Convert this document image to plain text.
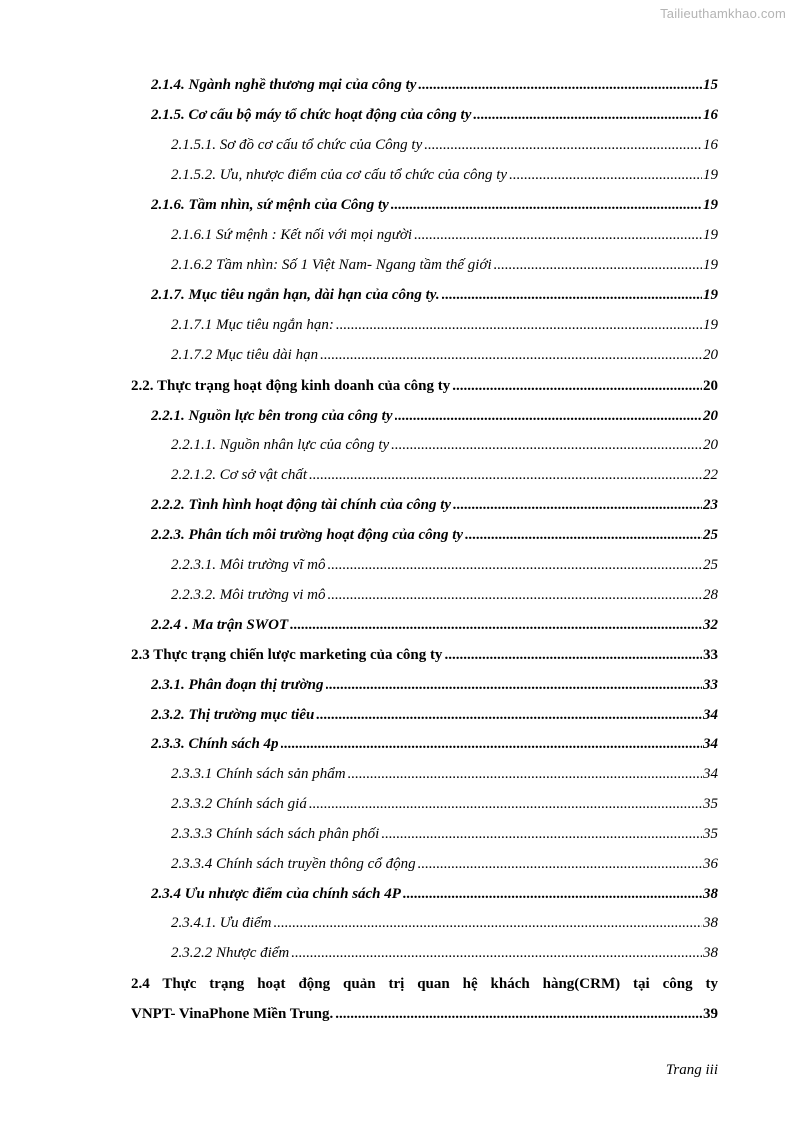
Tailieuthamkhao.com
2.1.4. Ngành nghề thương mại của công ty .....	15
2.1.5. Cơ cấu bộ máy tổ chức hoạt động của công ty .....	16
2.1.5.1. Sơ đồ cơ cấu tổ chức của Công ty .....	16
2.1.5.2. Ưu, nhược điểm của cơ cấu tổ chức của công ty .....	19
2.1.6. Tầm nhìn, sứ mệnh của Công ty .....	19
2.1.6.1 Sứ mệnh : Kết nối với mọi người .....	19
2.1.6.2 Tầm nhìn: Số 1 Việt Nam- Ngang tầm thế giới .....	19
2.1.7. Mục tiêu ngắn hạn, dài hạn của công ty. .....	19
2.1.7.1 Mục tiêu ngắn hạn: .....	19
2.1.7.2 Mục tiêu dài hạn .....	20
2.2. Thực trạng hoạt động kinh doanh của công ty .....	20
2.2.1. Nguồn lực bên trong của công ty .....	20
2.2.1.1. Nguồn nhân lực của công ty .....	20
2.2.1.2. Cơ sở vật chất .....	22
2.2.2. Tình hình hoạt động tài chính của công ty .....	23
2.2.3. Phân tích môi trường hoạt động của công ty .....	25
2.2.3.1. Môi trường vĩ mô .....	25
2.2.3.2. Môi trường vi mô .....	28
2.2.4 . Ma trận SWOT .....	32
2.3 Thực trạng chiến lược marketing của công ty .....	33
2.3.1. Phân đoạn thị trường .....	33
2.3.2. Thị trường mục tiêu .....	34
2.3.3. Chính sách 4p .....	34
2.3.3.1 Chính sách sản phẩm .....	34
2.3.3.2 Chính sách giá .....	35
2.3.3.3 Chính sách sách phân phối .....	35
2.3.3.4 Chính sách truyền thông cổ động .....	36
2.3.4 Ưu nhược điểm của chính sách 4P .....	38
2.3.4.1. Ưu điểm .....	38
2.3.2.2 Nhược điểm .....	38
2.4 Thực trạng hoạt động quản trị quan hệ khách hàng(CRM) tại công ty
VNPT- VinaPhone Miền Trung. .....	39
Trang iii
